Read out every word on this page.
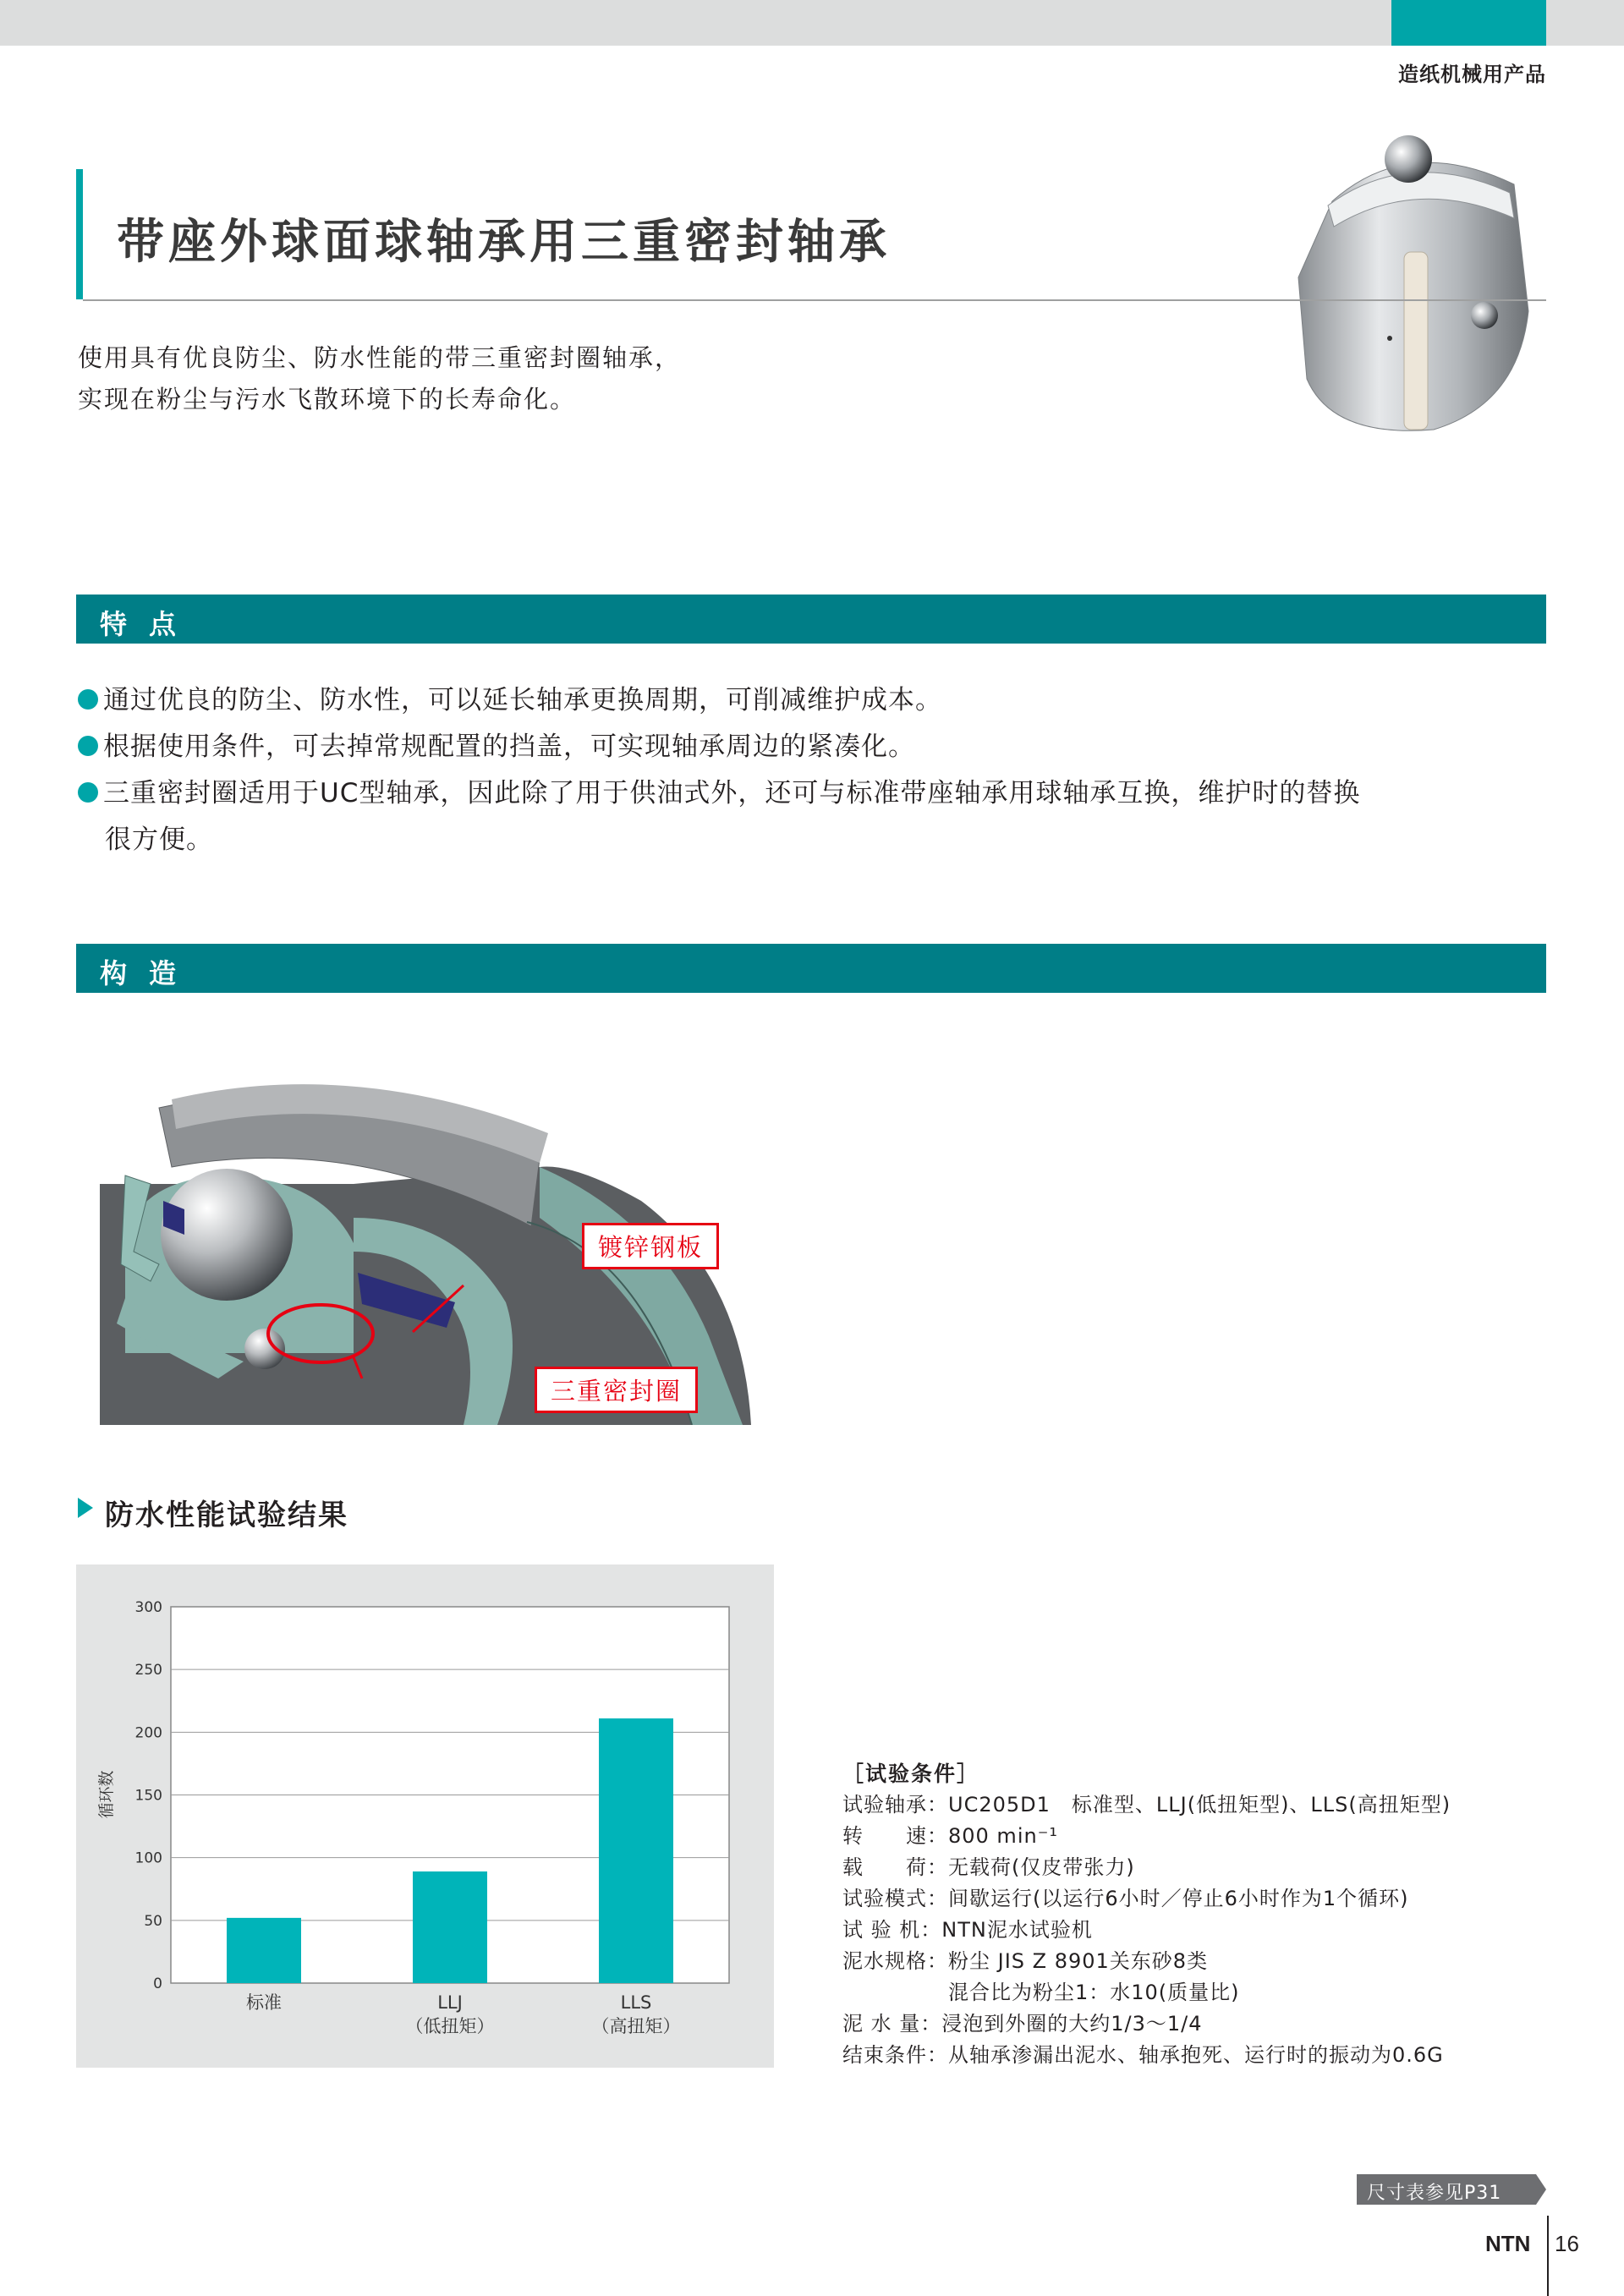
造纸机械用产品
带座外球面球轴承用三重密封轴承
使用具有优良防尘、防水性能的带三重密封圈轴承，
实现在粉尘与污水飞散环境下的长寿命化。
特点
通过优良的防尘、防水性，可以延长轴承更换周期，可削减维护成本。
根据使用条件，可去掉常规配置的挡盖，可实现轴承周边的紧凑化。
三重密封圈适用于UC型轴承，因此除了用于供油式外，还可与标准带座轴承用球轴承互换，维护时的替换
很方便。
构造
镀锌钢板
三重密封圈
防水性能试验结果
0
50
100
150
200
250
300
标准	LLJ
（低扭矩）
LLS
（高扭矩）
循环数	［试验条件］
试验轴承：UC205D1　标准型、LLJ(低扭矩型)、LLS(高扭矩型)
转　　速：800 min⁻¹
载　　荷：无载荷(仅皮带张力)
试验模式：间歇运行(以运行6小时／停止6小时作为1个循环)
试 验 机：NTN泥水试验机
泥水规格：粉尘 JIS Z 8901关东砂8类
　　　　　混合比为粉尘1：水10(质量比)
泥 水 量：浸泡到外圈的大约1/3～1/4
结束条件：从轴承渗漏出泥水、轴承抱死、运行时的振动为0.6G
尺寸表参见P31
NTN 16
